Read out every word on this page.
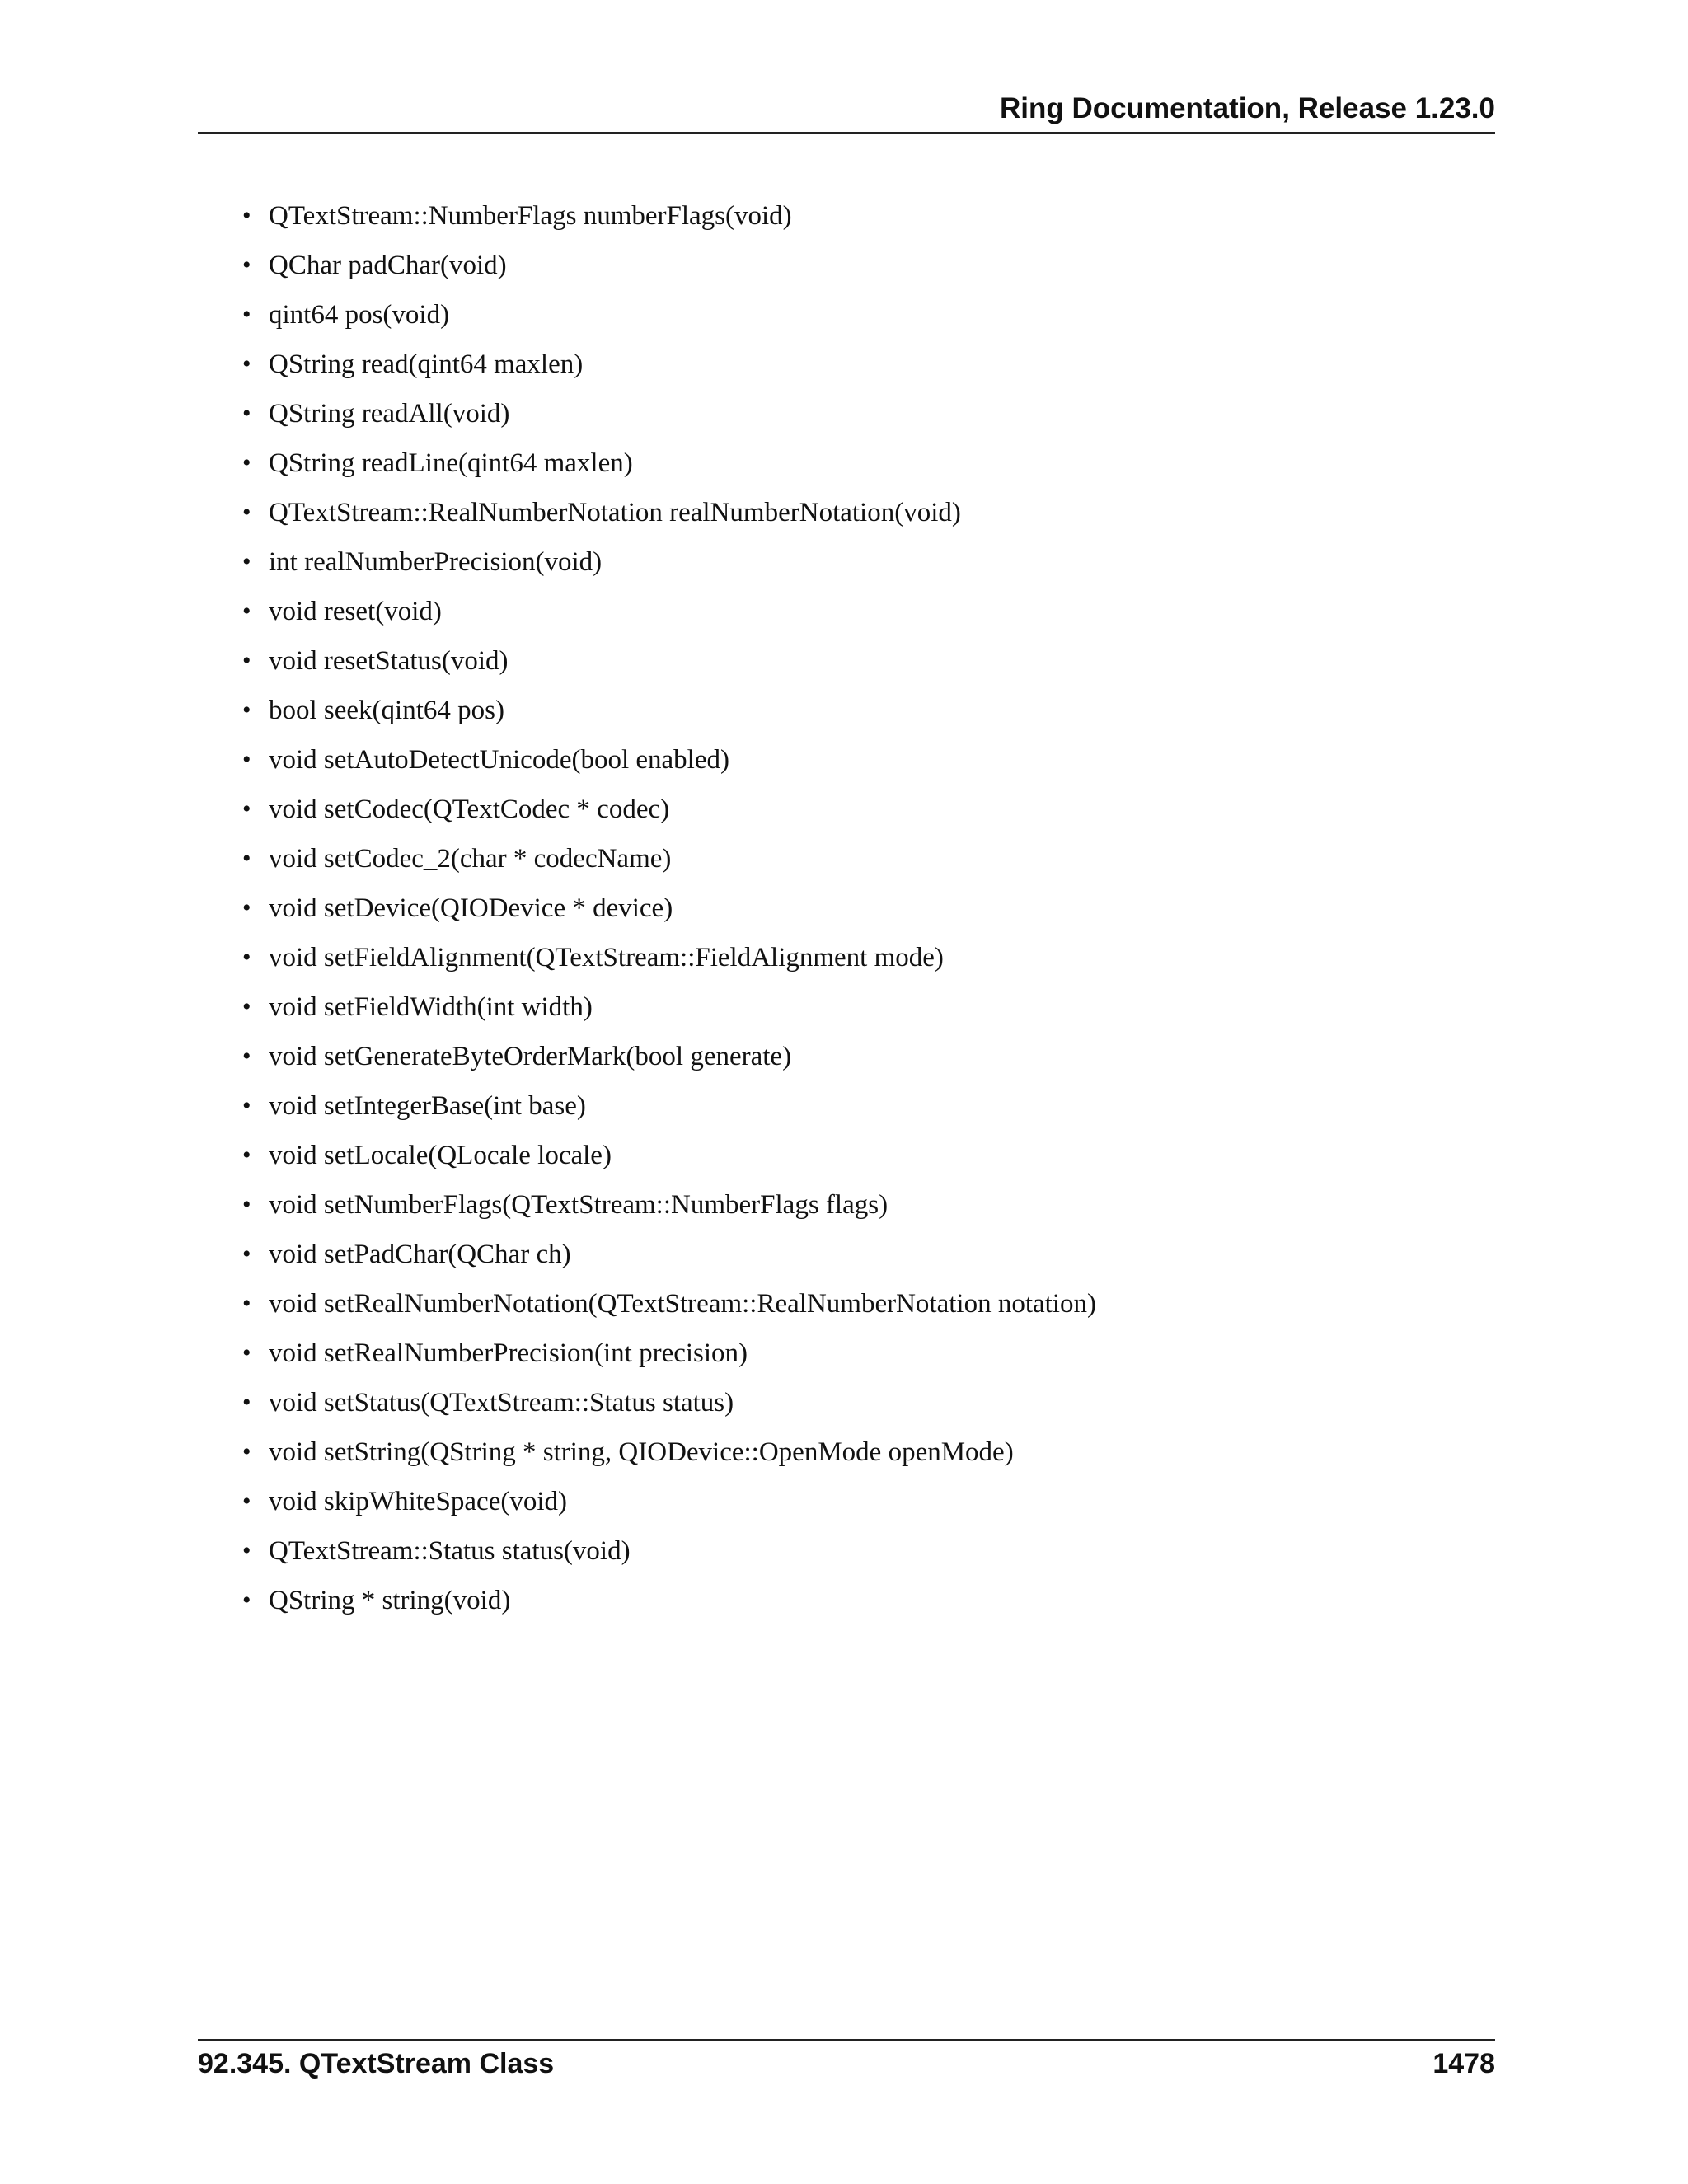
Ring Documentation, Release 1.23.0
• QTextStream::NumberFlags numberFlags(void)
• QChar padChar(void)
• qint64 pos(void)
• QString read(qint64 maxlen)
• QString readAll(void)
• QString readLine(qint64 maxlen)
• QTextStream::RealNumberNotation realNumberNotation(void)
• int realNumberPrecision(void)
• void reset(void)
• void resetStatus(void)
• bool seek(qint64 pos)
• void setAutoDetectUnicode(bool enabled)
• void setCodec(QTextCodec * codec)
• void setCodec_2(char * codecName)
• void setDevice(QIODevice * device)
• void setFieldAlignment(QTextStream::FieldAlignment mode)
• void setFieldWidth(int width)
• void setGenerateByteOrderMark(bool generate)
• void setIntegerBase(int base)
• void setLocale(QLocale locale)
• void setNumberFlags(QTextStream::NumberFlags flags)
• void setPadChar(QChar ch)
• void setRealNumberNotation(QTextStream::RealNumberNotation notation)
• void setRealNumberPrecision(int precision)
• void setStatus(QTextStream::Status status)
• void setString(QString * string, QIODevice::OpenMode openMode)
• void skipWhiteSpace(void)
• QTextStream::Status status(void)
• QString * string(void)
92.345. QTextStream Class	1478
